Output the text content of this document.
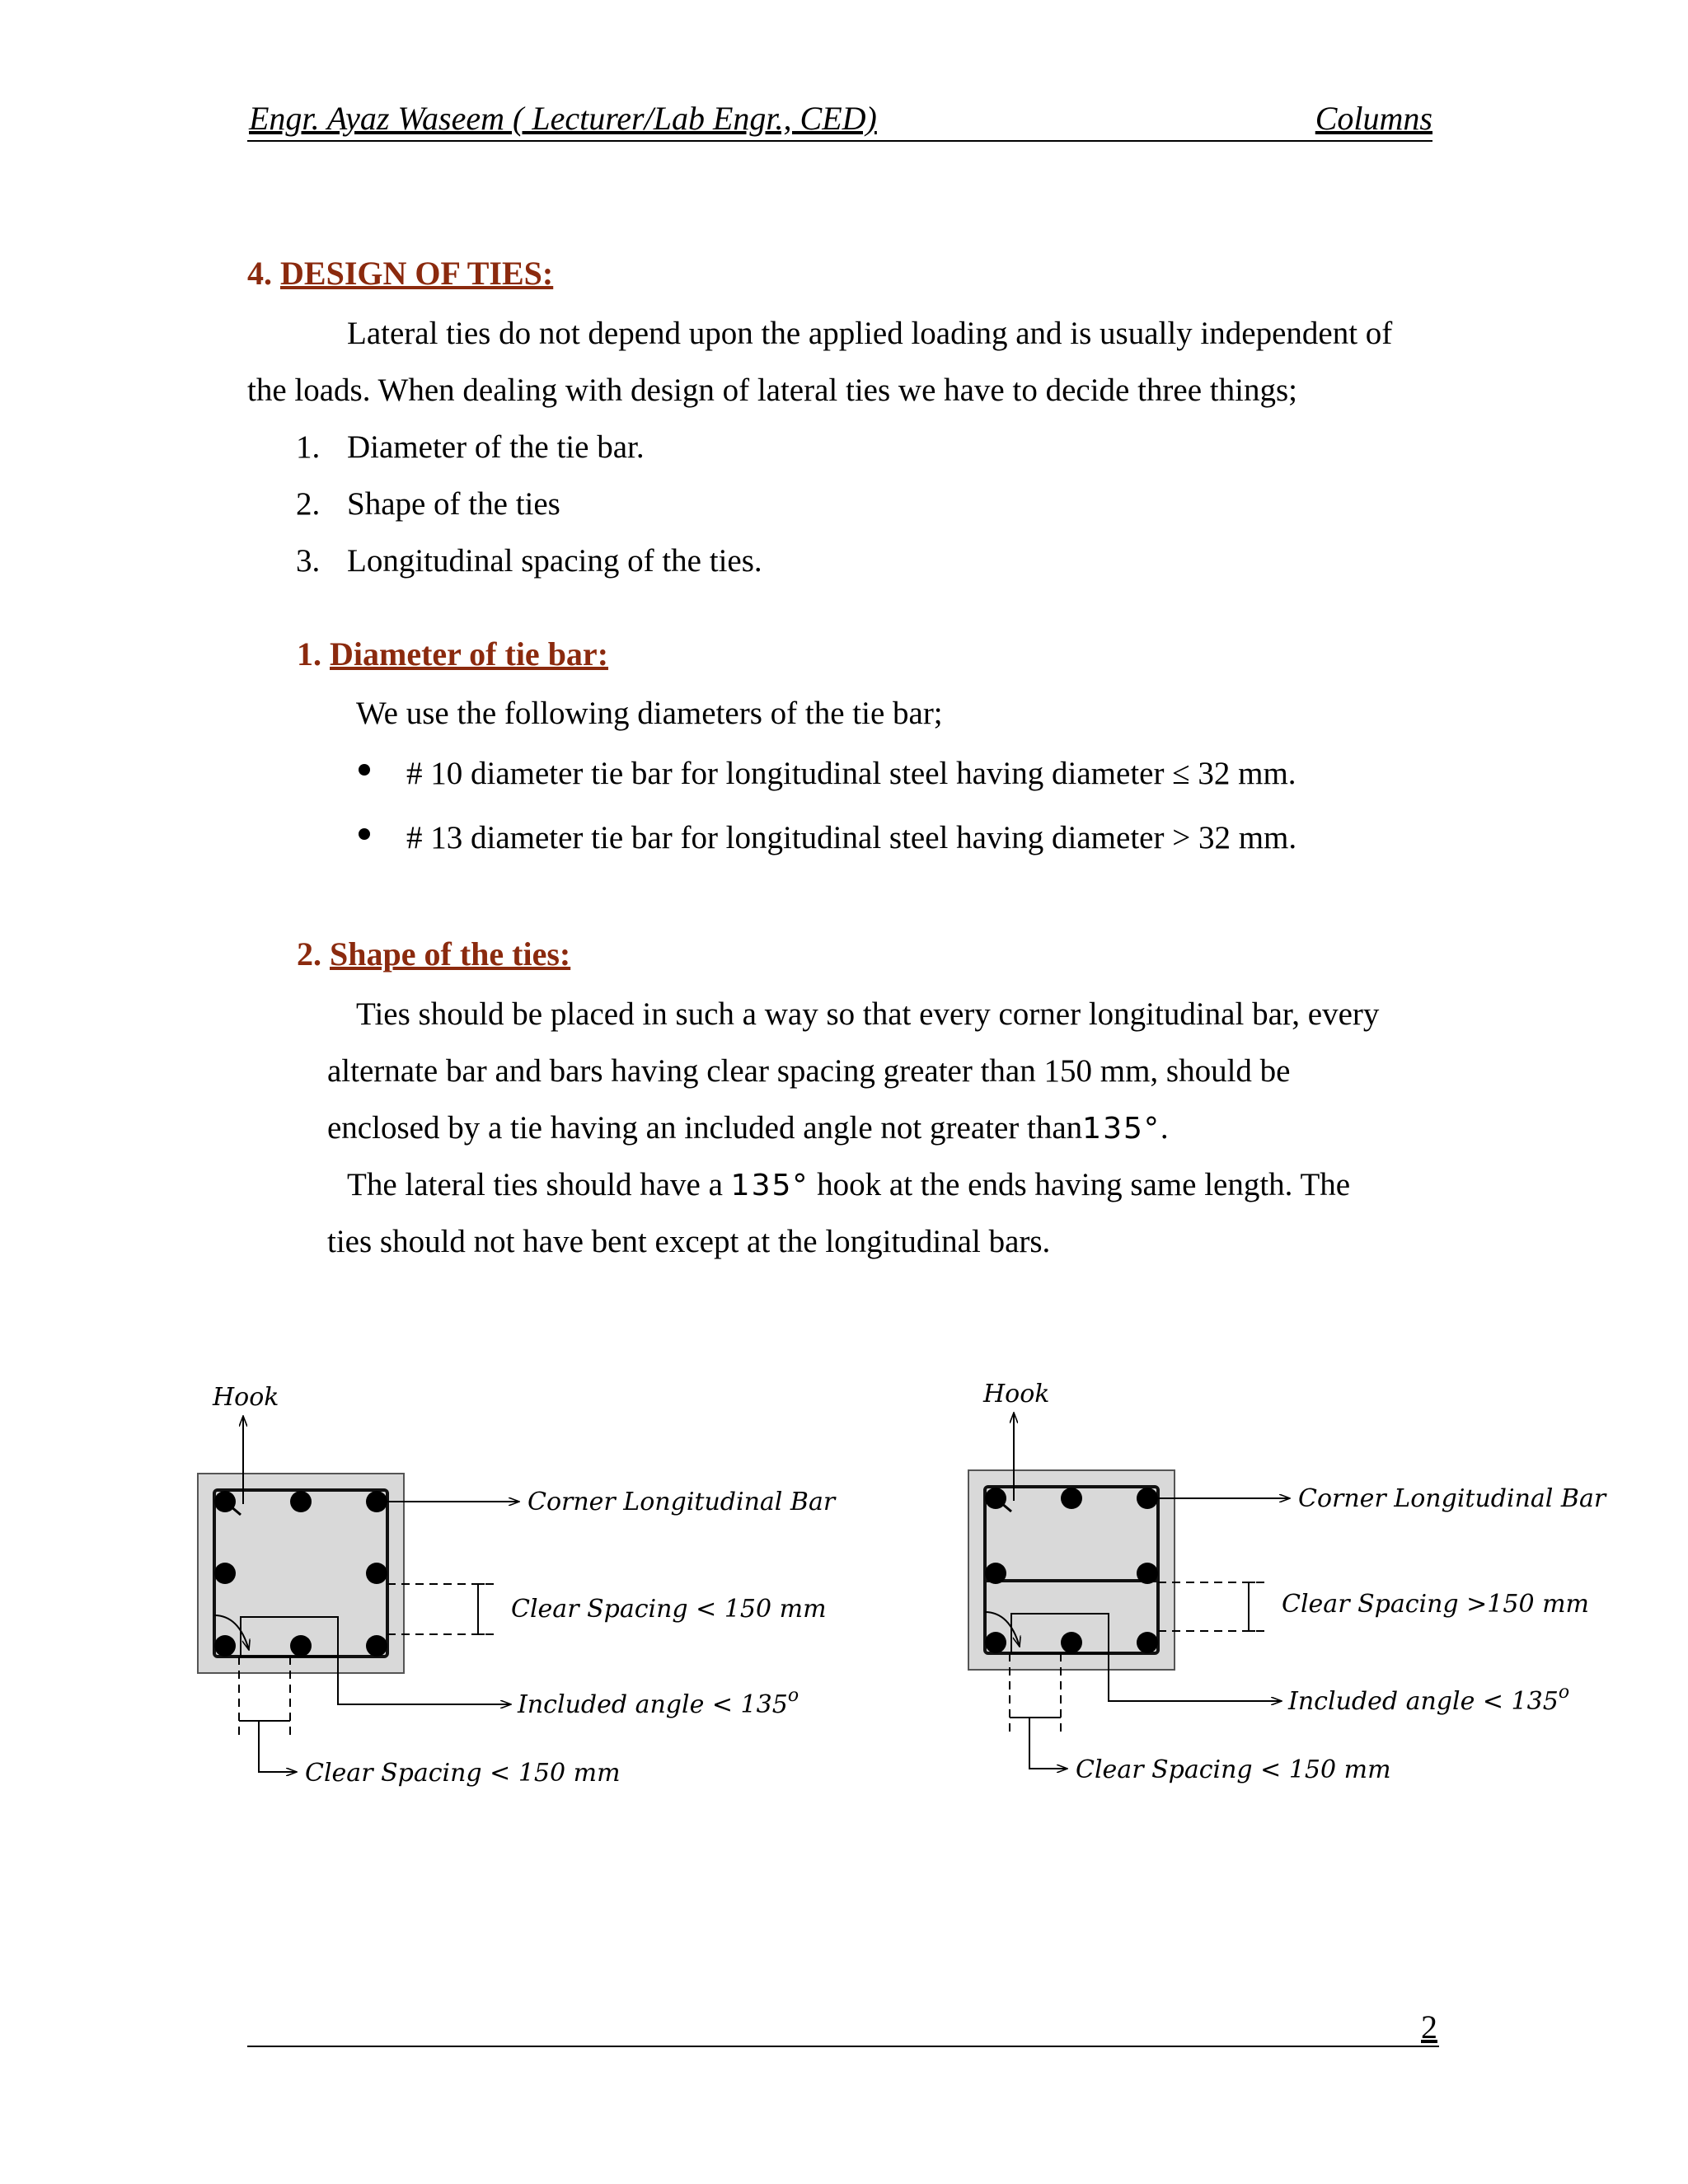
Engr. Ayaz Waseem ( Lecturer/Lab Engr., CED)	Columns
4. DESIGN OF TIES:
Lateral ties do not depend upon the applied loading and is usually independent of
the loads. When dealing with design of lateral ties we have to decide three things;
1. Diameter of the tie bar.
2. Shape of the ties
3. Longitudinal spacing of the ties.
1. Diameter of tie bar:
We use the following diameters of the tie bar;
# 10 diameter tie bar for longitudinal steel having diameter ≤ 32 mm.
# 13 diameter tie bar for longitudinal steel having diameter > 32 mm.
2. Shape of the ties:
Ties should be placed in such a way so that every corner longitudinal bar, every
alternate bar and bars having clear spacing greater than 150 mm, should be
enclosed by a tie having an included angle not greater than135°.
The lateral ties should have a 135° hook at the ends having same length. The
ties should not have bent except at the longitudinal bars.
Hook
Corner Longitudinal Bar
Clear Spacing < 150 mm
Included angle < $135^o$
Clear Spacing < 150 mm
Hook
Corner Longitudinal Bar
Clear Spacing >150 mm
Included angle < $135^o$
Clear Spacing < 150 mm
2
